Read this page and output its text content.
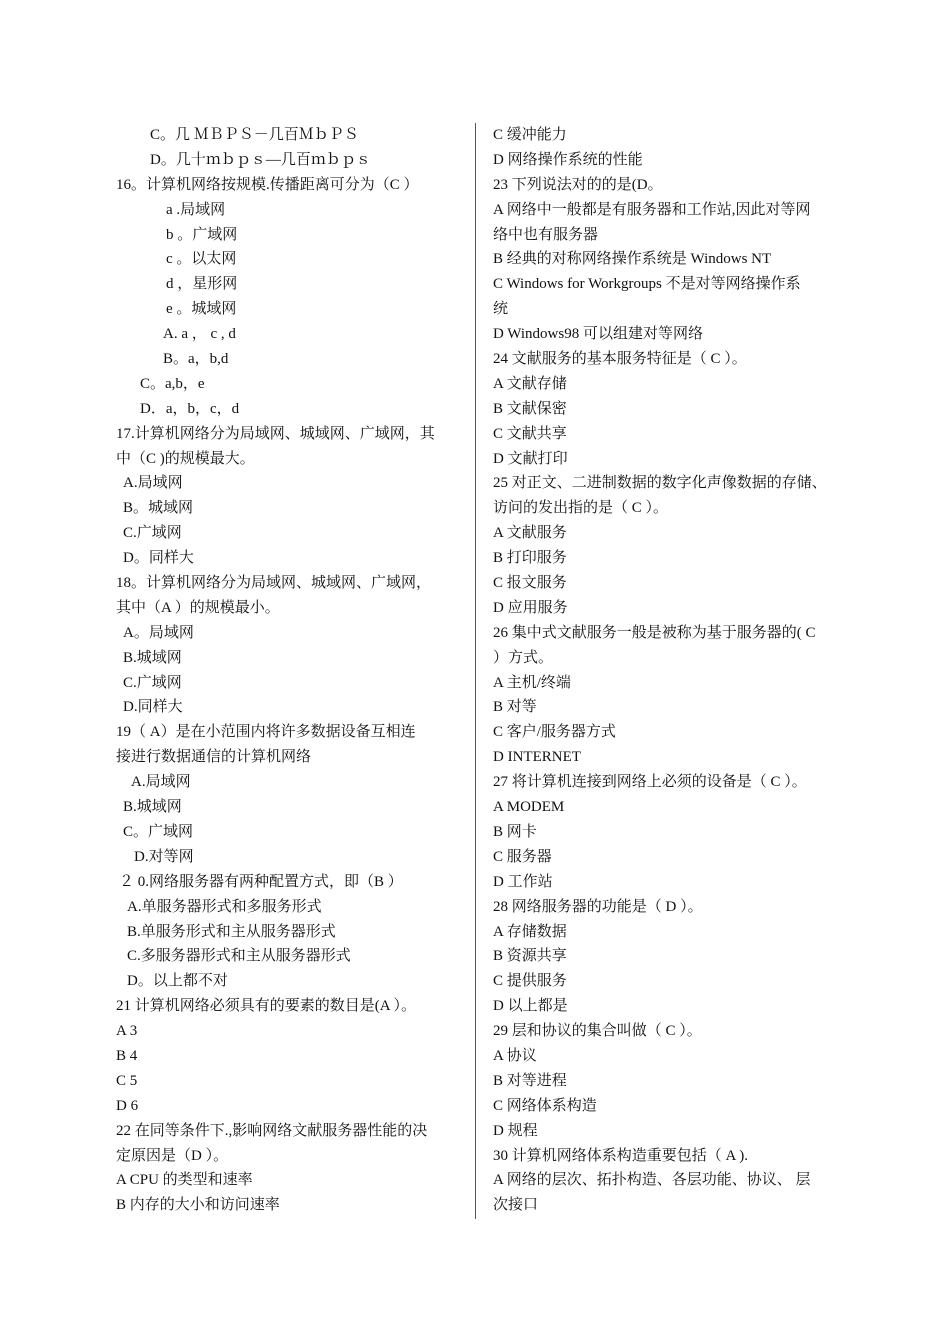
C。几 ＭＢＰＳ－几百ＭｂＰＳ
D。几十ｍｂｐｓ—几百ｍｂｐｓ
16。计算机网络按规模.传播距离可分为（C ）
a .局域网
b 。广域网
c 。以太网
d ，星形网
e 。城域网
A. a ， c , d
B。a，b,d
C。a,b，e
D．a，b，c，d
17.计算机网络分为局域网、城域网、广域网，其
中（C )的规模最大。
A.局域网
B。城域网
C.广域网
D。同样大
18。计算机网络分为局域网、城域网、广域网，
其中（A ）的规模最小。
A。局域网
B.城域网
C.广域网
D.同样大
19（ A）是在小范围内将许多数据设备互相连
接进行数据通信的计算机网络
A.局域网
B.城域网
C。广域网
D.对等网
２ 0.网络服务器有两种配置方式，即（B ）
A.单服务器形式和多服务形式
B.单服务形式和主从服务器形式
C.多服务器形式和主从服务器形式
D。以上都不对
21 计算机网络必须具有的要素的数目是(A ）。
A 3
B 4
C 5
D 6
22 在同等条件下.,影响网络文献服务器性能的决
定原因是（D ）。
A CPU 的类型和速率
B 内存的大小和访问速率
C 缓冲能力
D 网络操作系统的性能
23 下列说法对的的是(D。
A 网络中一般都是有服务器和工作站,因此对等网
络中也有服务器
B 经典的对称网络操作系统是 Windows NT
C Windows for Workgroups 不是对等网络操作系
统
D Windows98 可以组建对等网络
24 文献服务的基本服务特征是（ C ）。
A 文献存储
B 文献保密
C 文献共享
D 文献打印
25 对正文、二进制数据的数字化声像数据的存储、
访问的发出指的是（ C ）。
A 文献服务
B 打印服务
C 报文服务
D 应用服务
26 集中式文献服务一般是被称为基于服务器的( C
）方式。
A 主机/终端
B 对等
C 客户/服务器方式
D INTERNET
27 将计算机连接到网络上必须的设备是（ C ）。
A MODEM
B 网卡
C 服务器
D 工作站
28 网络服务器的功能是（ D ）。
A 存储数据
B 资源共享
C 提供服务
D 以上都是
29 层和协议的集合叫做（ C ）。
A 协议
B 对等进程
C 网络体系构造
D 规程
30 计算机网络体系构造重要包括（ A ).
A 网络的层次、拓扑构造、各层功能、协议、 层
次接口
